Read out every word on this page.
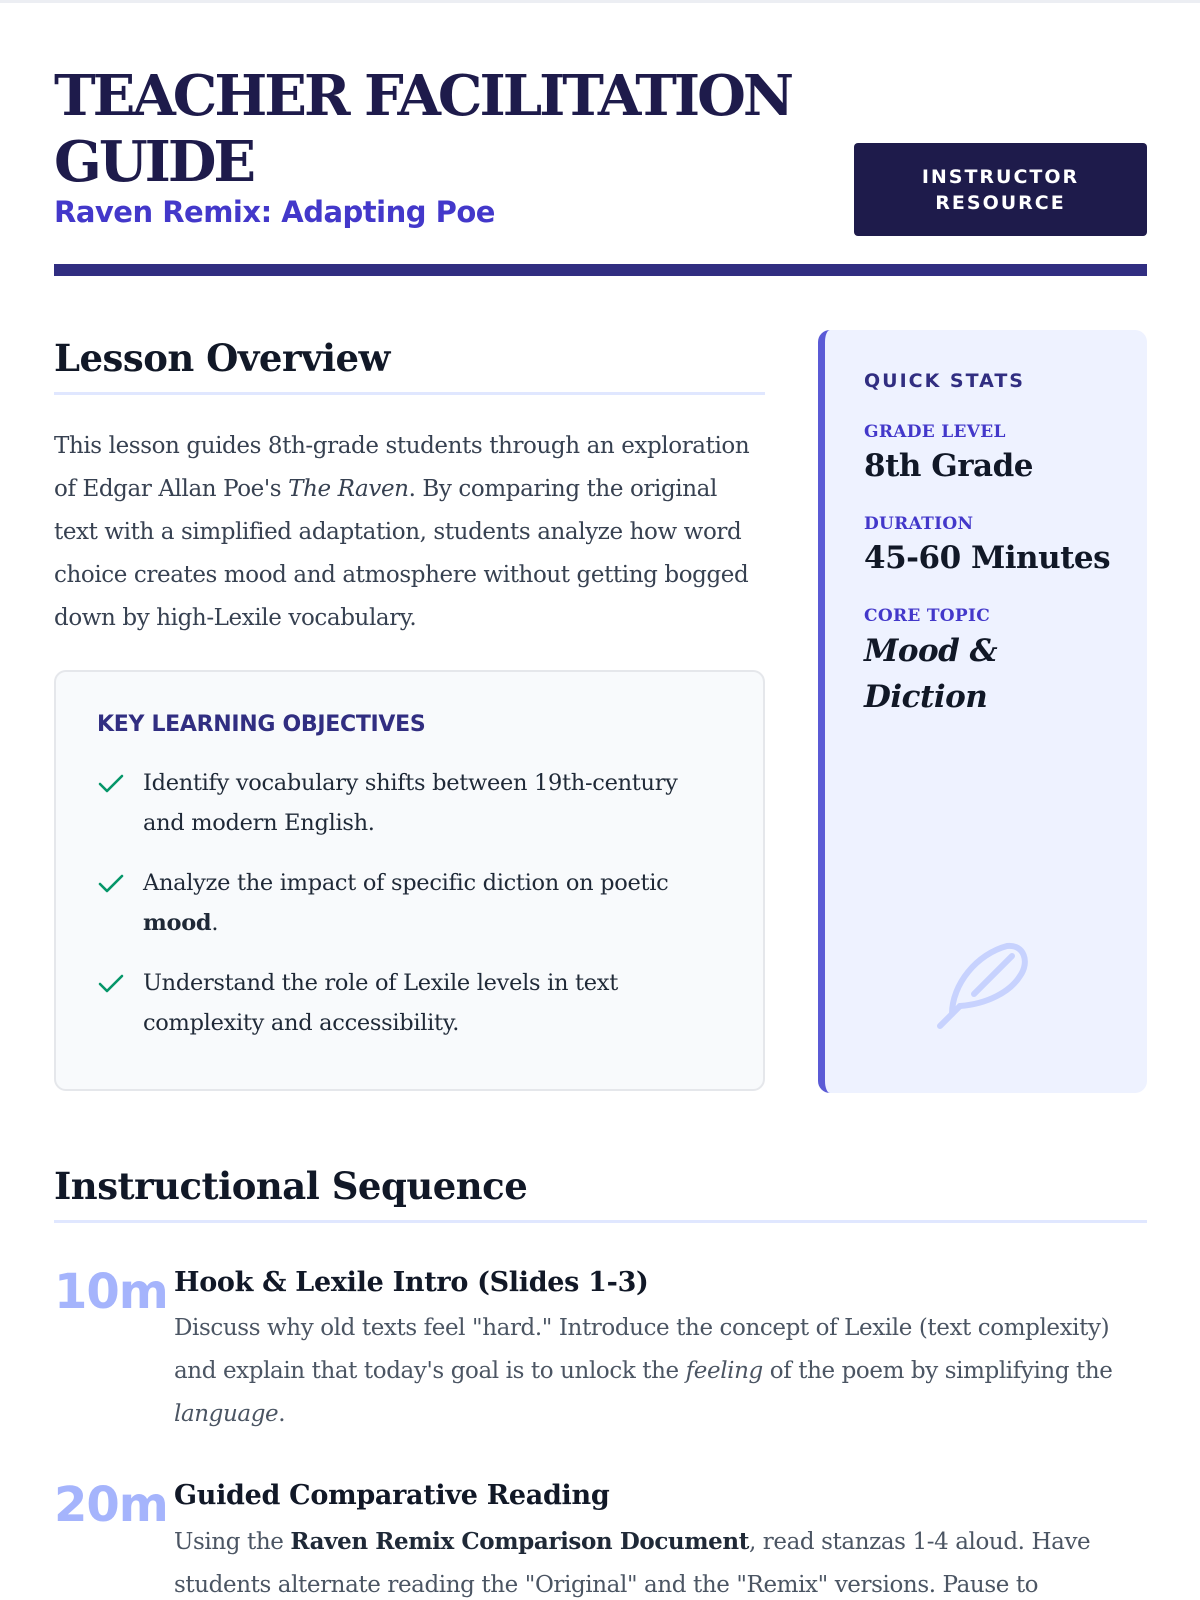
TEACHER FACILITATION GUIDE
Raven Remix: Adapting Poe
INSTRUCTOR RESOURCE
Lesson Overview

This lesson guides 8th-grade students through an exploration of Edgar Allan Poe's The Raven. By comparing the original text with a simplified adaptation, students analyze how word choice creates mood and atmosphere without getting bogged down by high-Lexile vocabulary.

KEY LEARNING OBJECTIVES
Identify vocabulary shifts between 19th-century and modern English.
Analyze the impact of specific diction on poetic mood.
Understand the role of Lexile levels in text complexity and accessibility.
QUICK STATS
GRADE LEVEL
8th Grade
DURATION
45-60 Minutes
CORE TOPIC
Mood & Diction
Instructional Sequence
10m Hook & Lexile Intro (Slides 1-3)

Discuss why old texts feel "hard." Introduce the concept of Lexile (text complexity) and explain that today's goal is to unlock the feeling of the poem by simplifying the language.

20m Guided Comparative Reading

Using the Raven Remix Comparison Document, read stanzas 1-4 aloud. Have students alternate reading the "Original" and the "Remix" versions. Pause to
